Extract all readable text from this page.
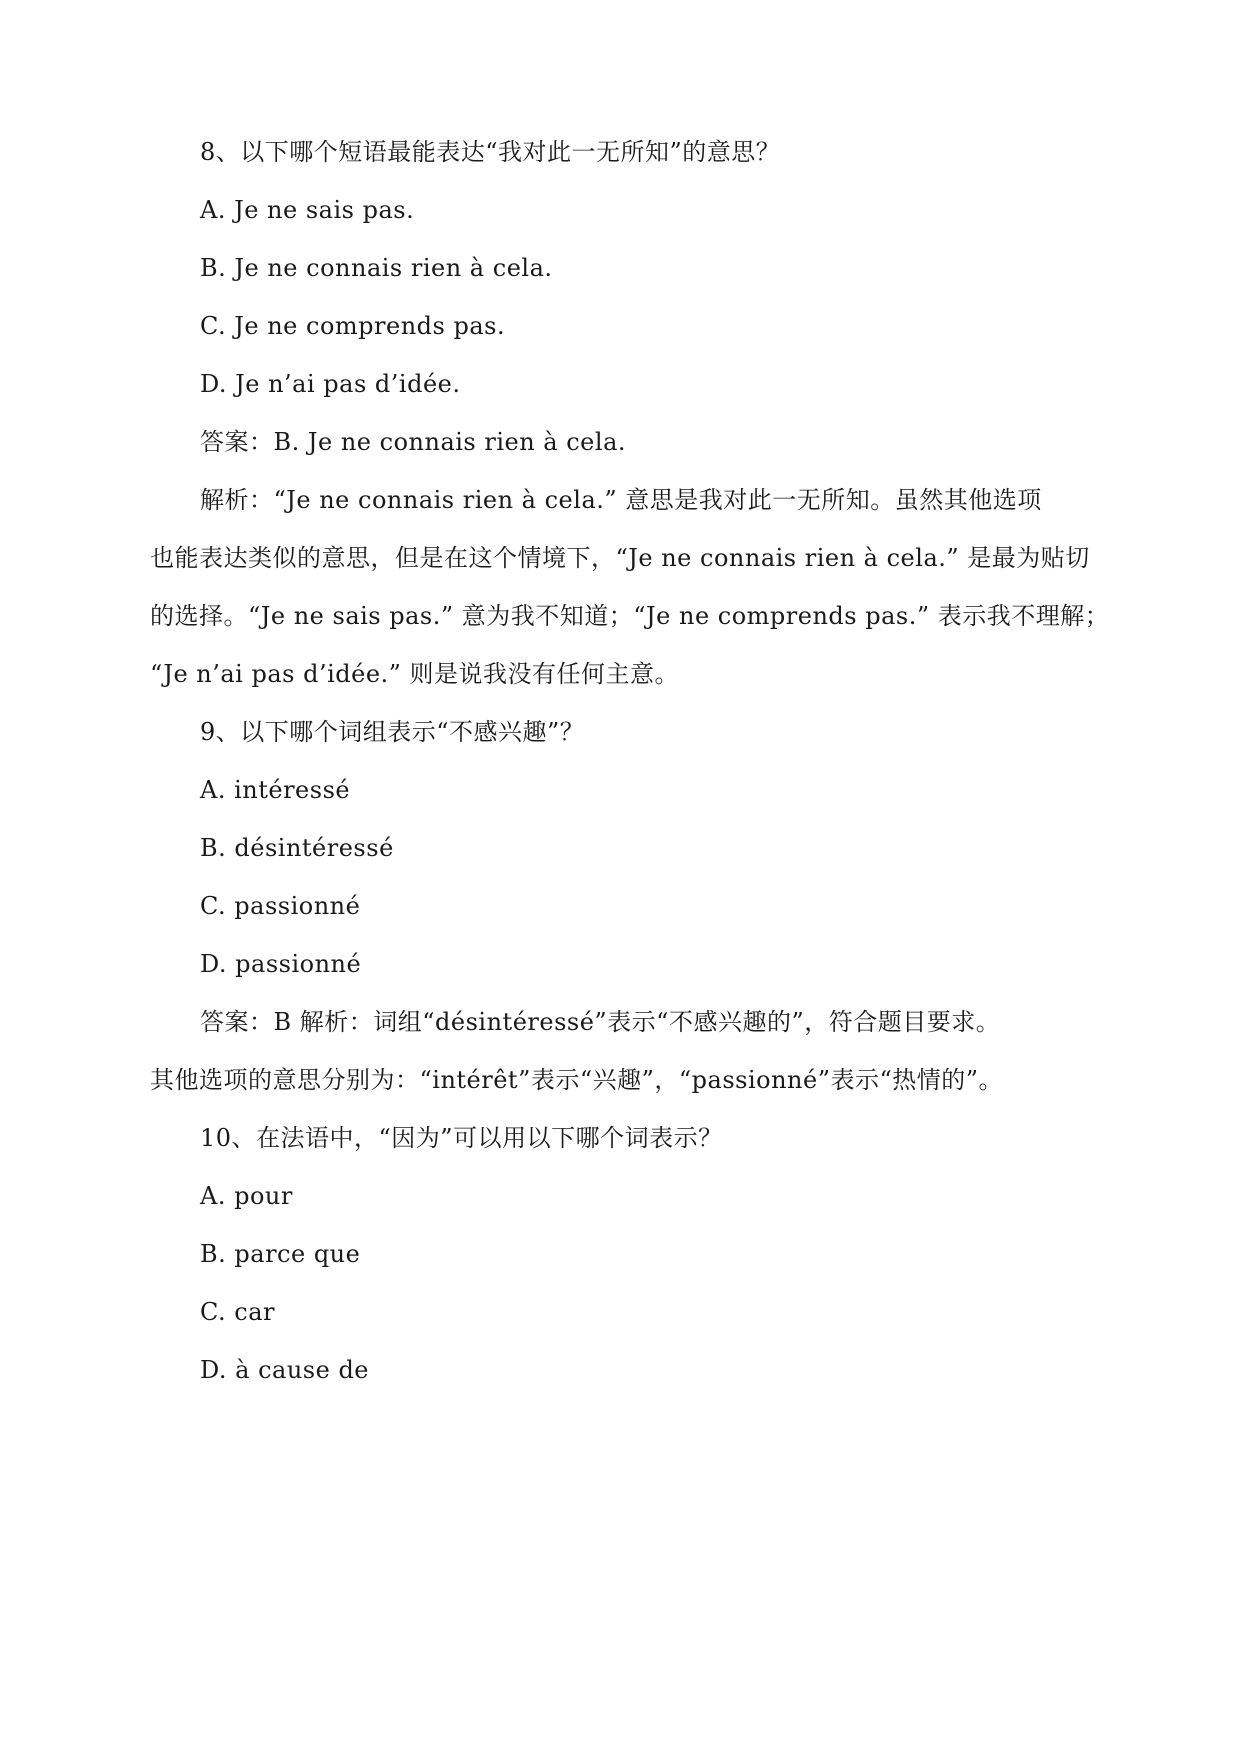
8、以下哪个短语最能表达“我对此一无所知”的意思？
A. Je ne sais pas.
B. Je ne connais rien à cela.
C. Je ne comprends pas.
D. Je n’ai pas d’idée.
答案：B. Je ne connais rien à cela.
解析：“Je ne connais rien à cela.” 意思是我对此一无所知。虽然其他选项
也能表达类似的意思，但是在这个情境下，“Je ne connais rien à cela.” 是最为贴切
的选择。“Je ne sais pas.” 意为我不知道；“Je ne comprends pas.” 表示我不理解；
“Je n’ai pas d’idée.” 则是说我没有任何主意。
9、以下哪个词组表示“不感兴趣”？
A. intéressé
B. désintéressé
C. passionné
D. passionné
答案：B 解析：词组“désintéressé”表示“不感兴趣的”，符合题目要求。
其他选项的意思分别为：“intérêt”表示“兴趣”，“passionné”表示“热情的”。
10、在法语中，“因为”可以用以下哪个词表示？
A. pour
B. parce que
C. car
D. à cause de
